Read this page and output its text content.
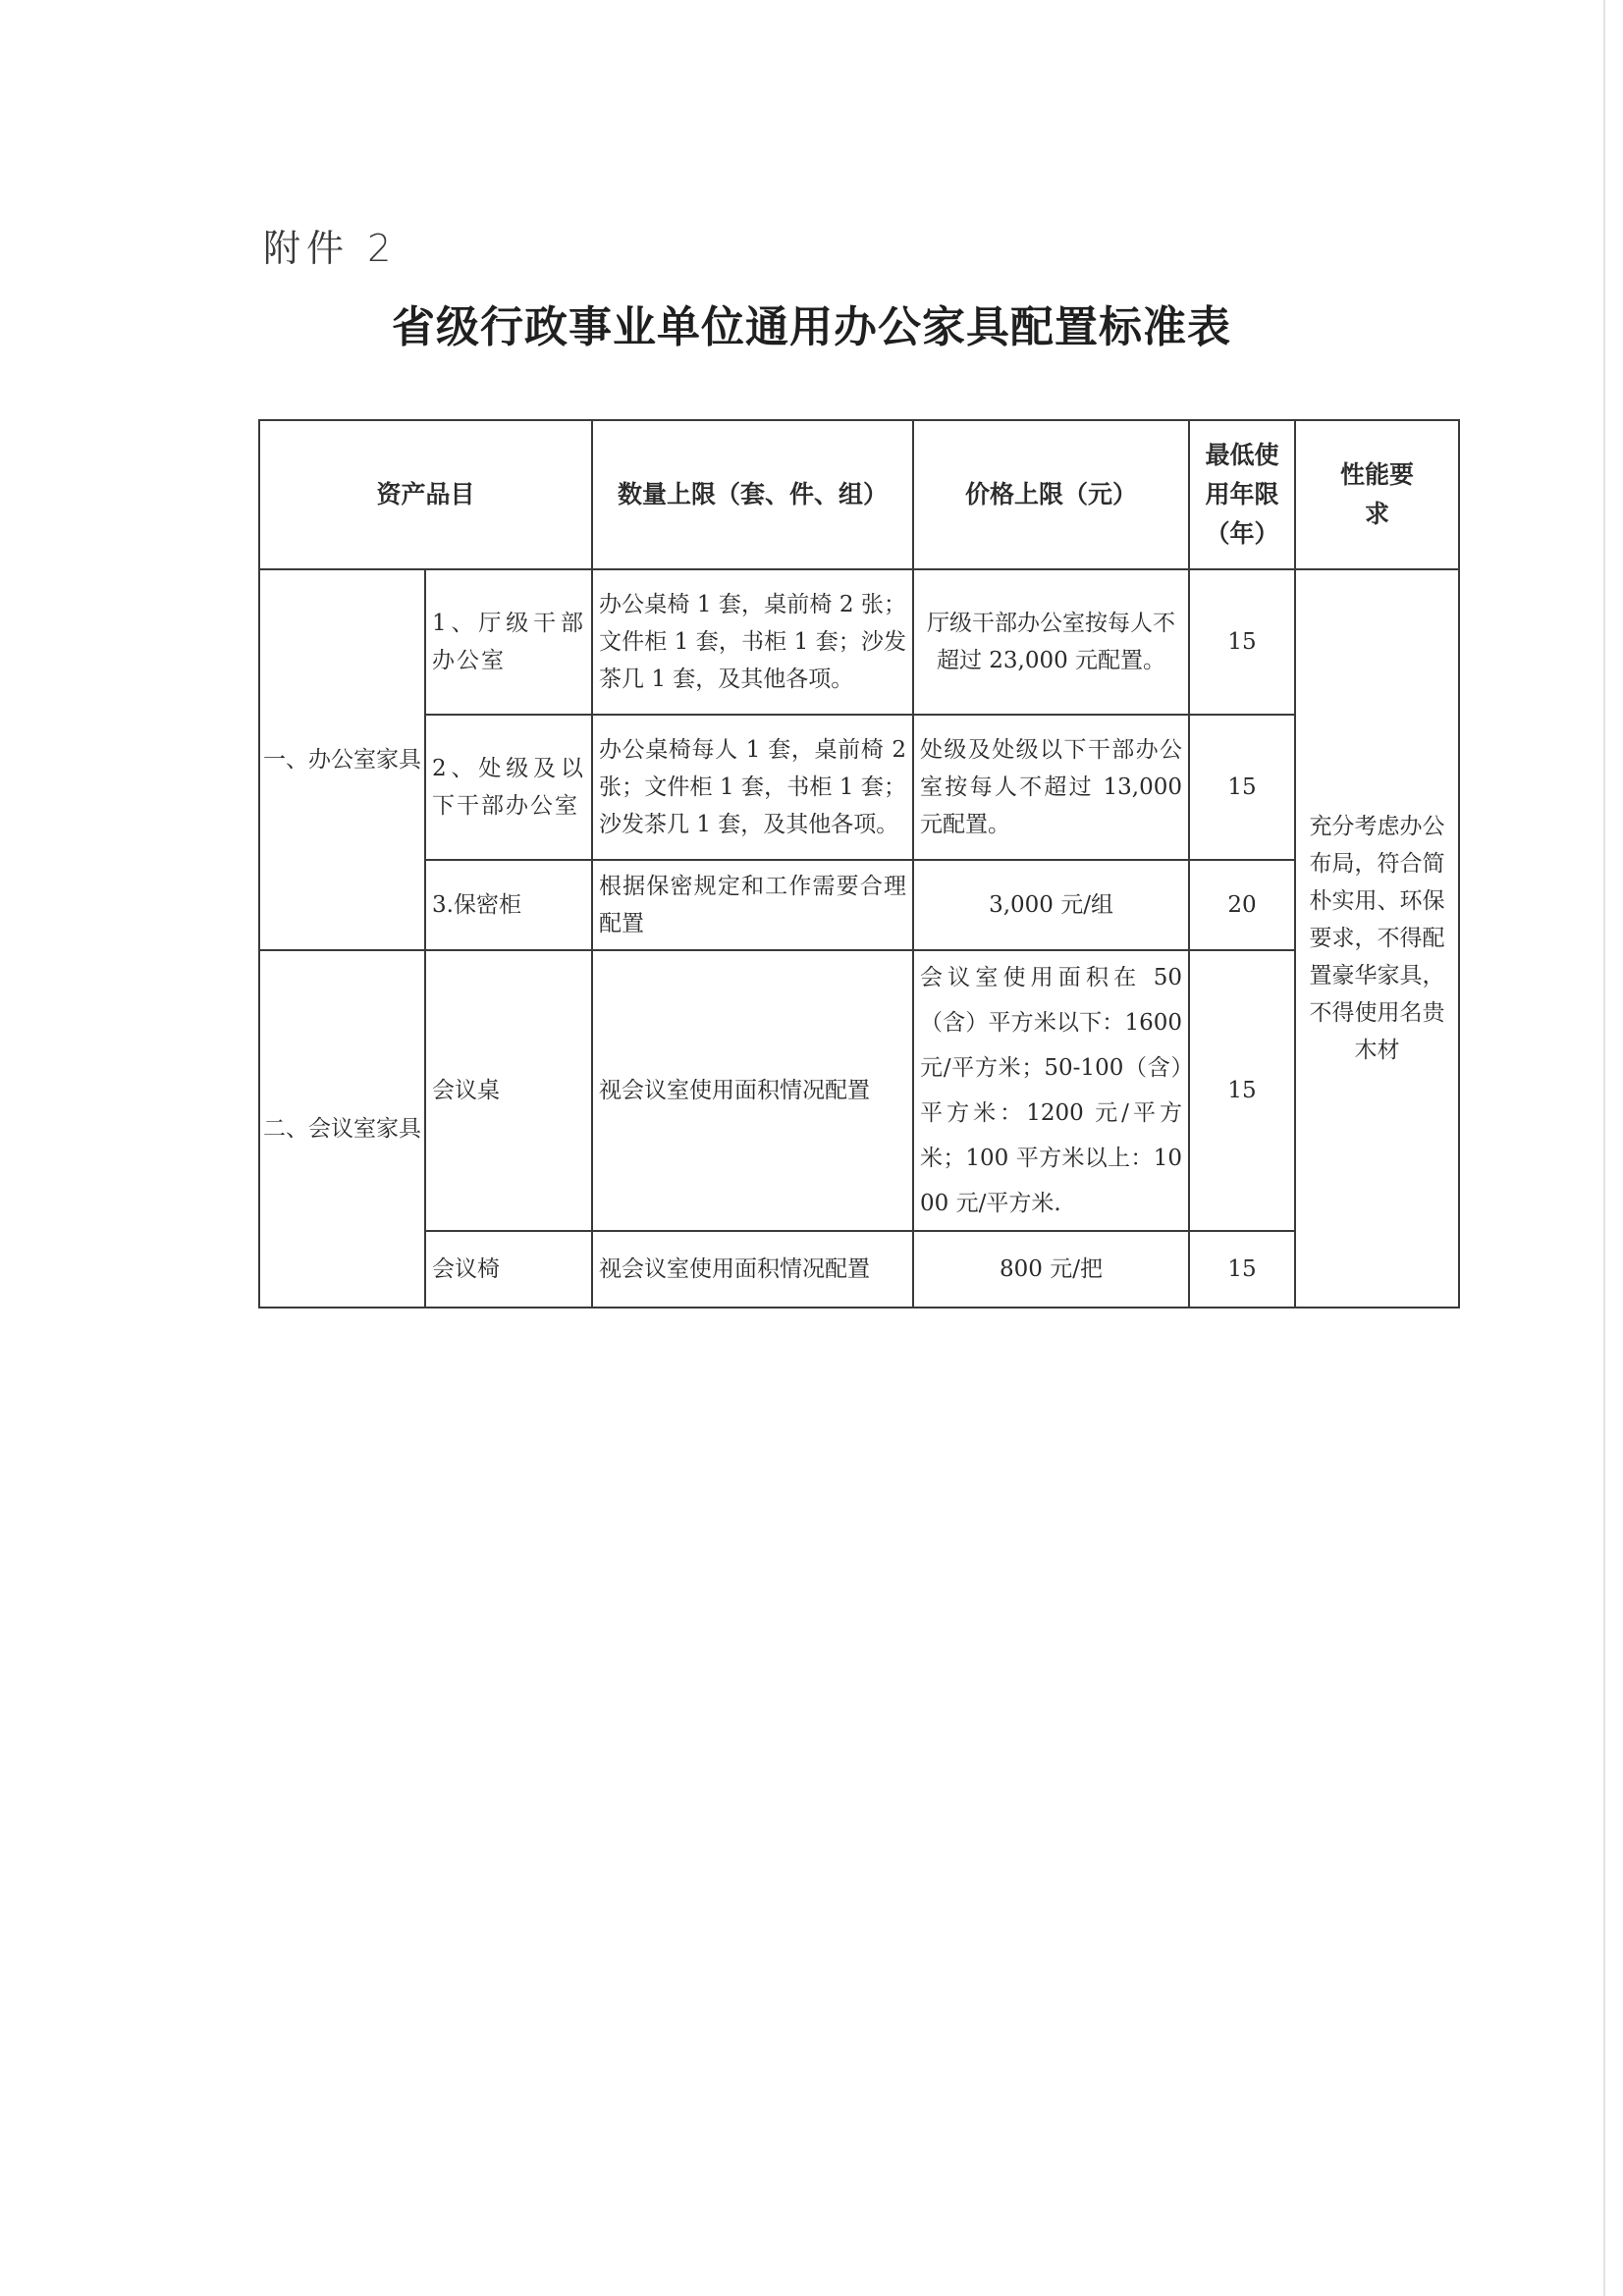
附件 2
省级行政事业单位通用办公家具配置标准表
资产品目		数量上限（套、件、组）	价格上限（元）	最低使用年限（年）	性能要求
一、办公室家具	1、厅级干部办公室	办公桌椅 1 套，桌前椅 2 张；文件柜 1 套，书柜 1 套；沙发茶几 1 套，及其他各项。	厅级干部办公室按每人不超过 23,000 元配置。	15	充分考虑办公布局，符合简朴实用、环保要求，不得配置豪华家具，不得使用名贵木材
	2、处级及以下干部办公室	办公桌椅每人 1 套，桌前椅 2 张；文件柜 1 套，书柜 1 套；沙发茶几 1 套，及其他各项。	处级及处级以下干部办公室按每人不超过 13,000 元配置。	15	
	3.保密柜	根据保密规定和工作需要合理配置	3,000 元/组	20	
二、会议室家具	会议桌	视会议室使用面积情况配置	会议室使用面积在 50（含）平方米以下：1600 元/平方米；50-100（含）平方米：1200 元/平方米；100 平方米以上：1000 元/平方米.	15	
	会议椅	视会议室使用面积情况配置	800 元/把	15	
